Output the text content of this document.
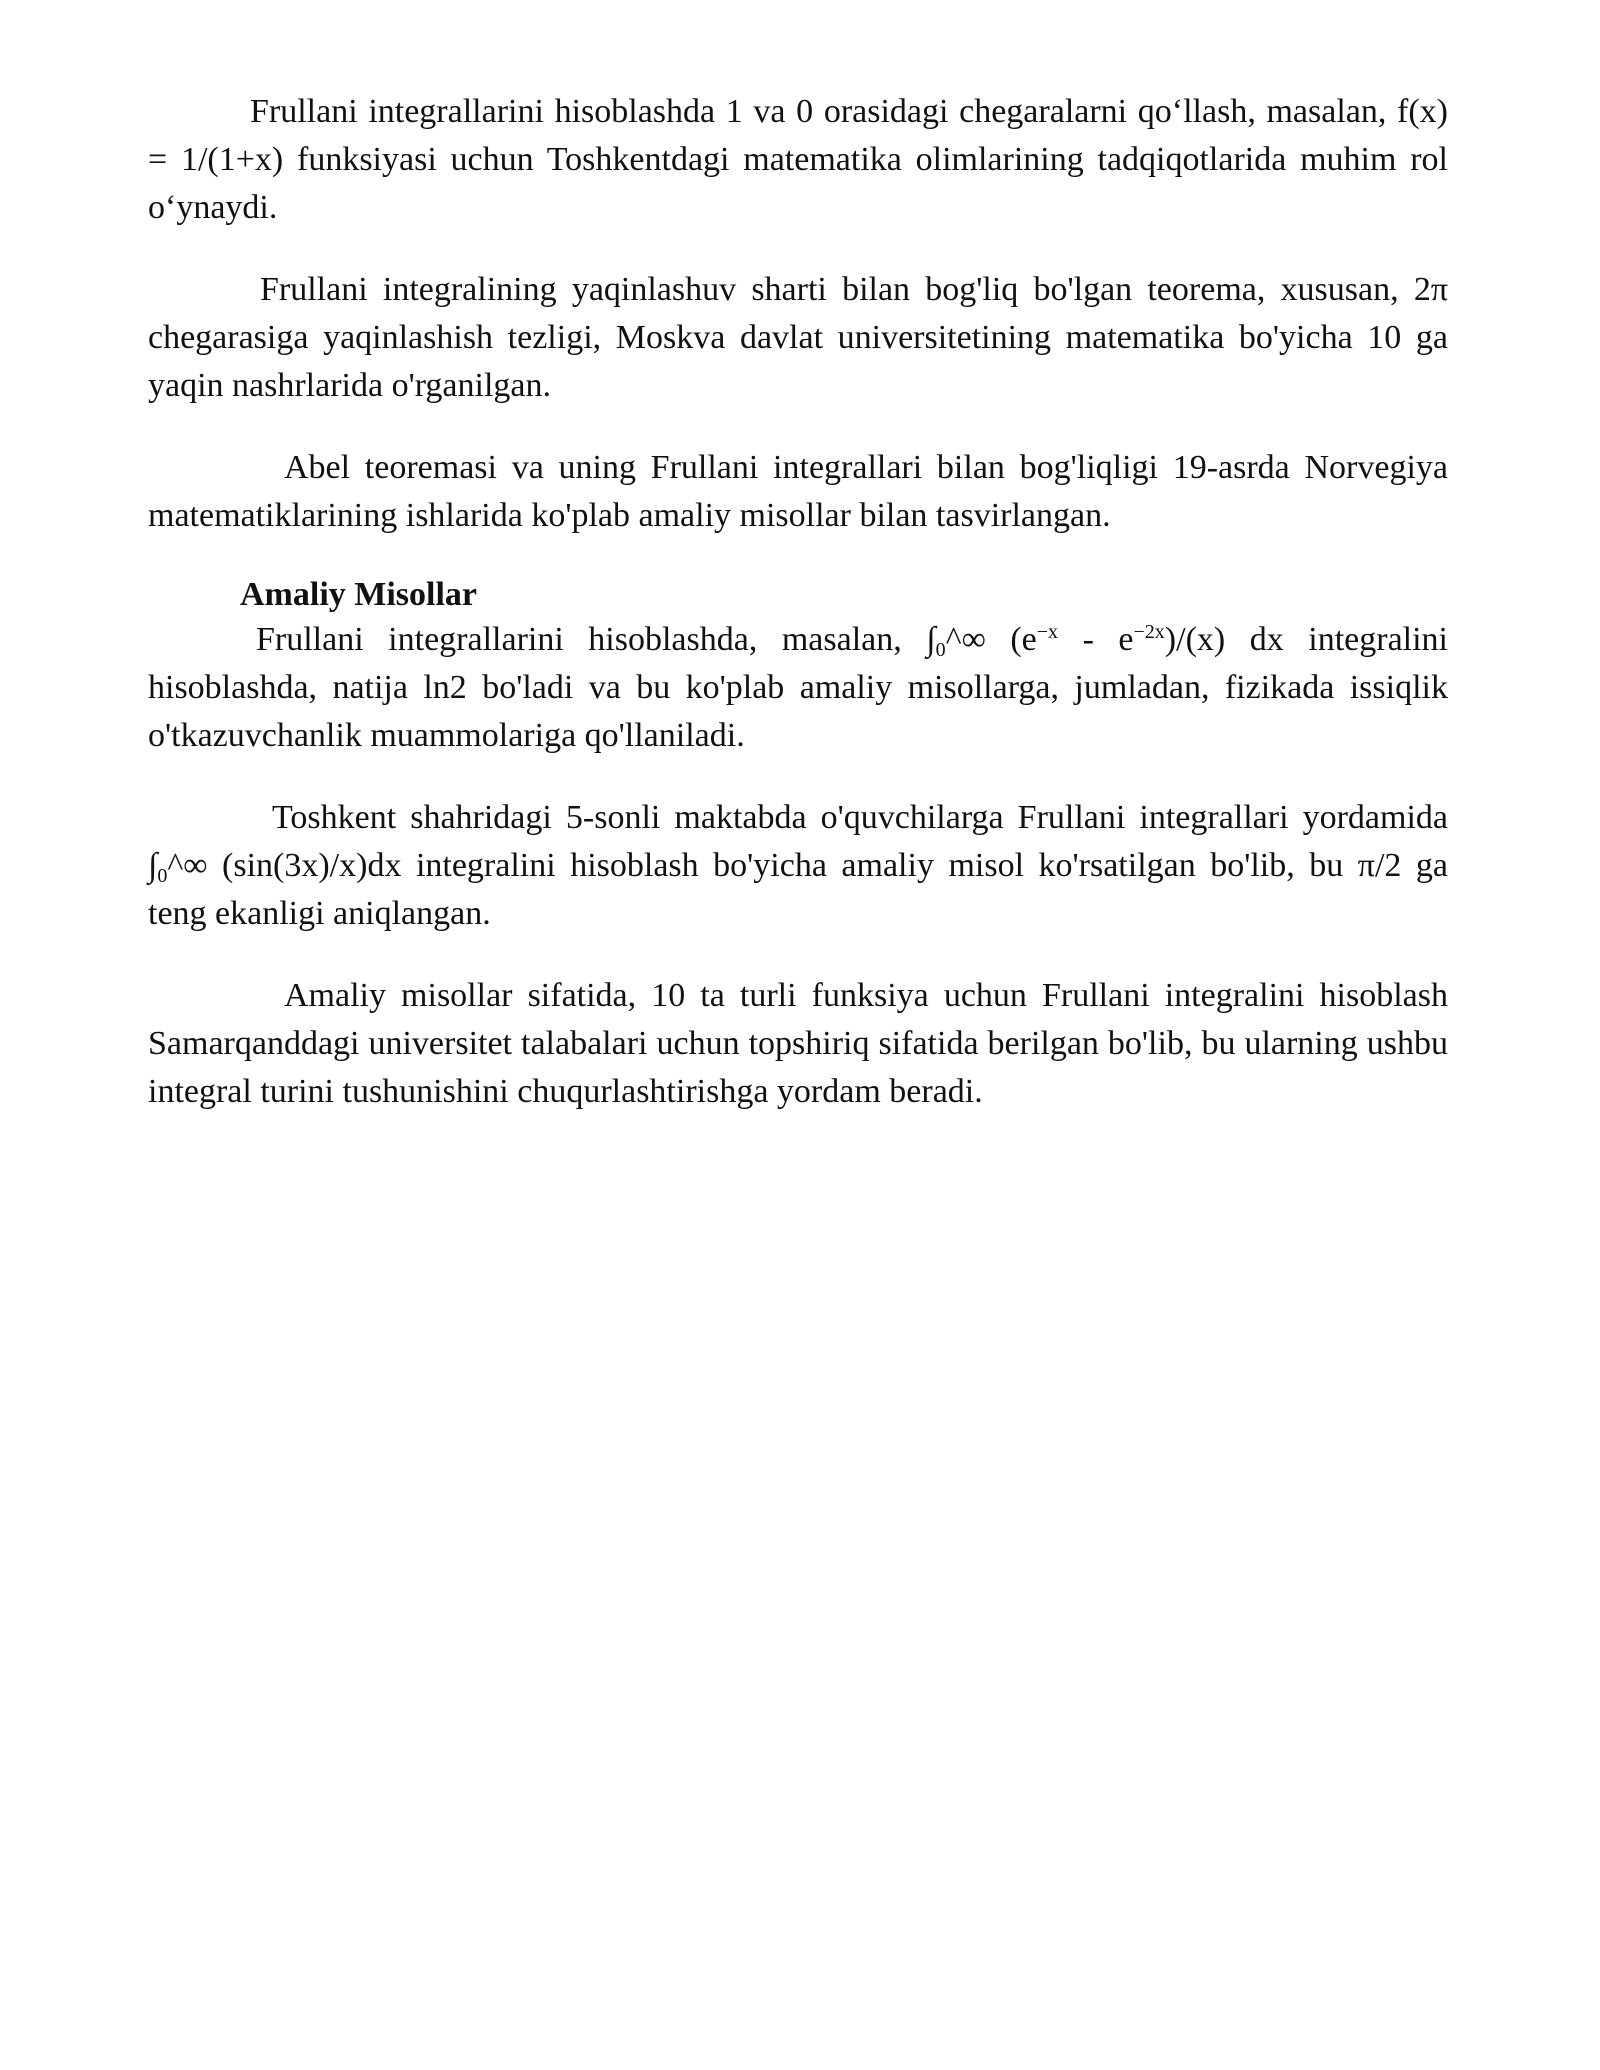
Frullani integrallarini hisoblashda 1 va 0 orasidagi chegaralarni qo‘llash, masalan, f(x) = 1/(1+x) funksiyasi uchun Toshkentdagi matematika olimlarining tadqiqotlarida muhim rol o‘ynaydi.

Frullani integralining yaqinlashuv sharti bilan bog'liq bo'lgan teorema, xususan, 2π chegarasiga yaqinlashish tezligi, Moskva davlat universitetining matematika bo'yicha 10 ga yaqin nashrlarida o'rganilgan.

Abel teoremasi va uning Frullani integrallari bilan bog'liqligi 19-asrda Norvegiya matematiklarining ishlarida ko'plab amaliy misollar bilan tasvirlangan.

Amaliy Misollar

Frullani integrallarini hisoblashda, masalan, $\int_0\^{}\infty$ $(e^{-x} - e^{-2x})/(x)$ dx integralini hisoblashda, natija ln2 bo'ladi va bu ko'plab amaliy misollarga, jumladan, fizikada issiqlik o'tkazuvchanlik muammolariga qo'llaniladi.

Toshkent shahridagi 5-sonli maktabda o'quvchilarga Frullani integrallari yordamida $\int_0\^{}\infty$ (sin(3x)/x)dx integralini hisoblash bo'yicha amaliy misol ko'rsatilgan bo'lib, bu π/2 ga teng ekanligi aniqlangan.

Amaliy misollar sifatida, 10 ta turli funksiya uchun Frullani integralini hisoblash Samarqanddagi universitet talabalari uchun topshiriq sifatida berilgan bo'lib, bu ularning ushbu integral turini tushunishini chuqurlashtirishga yordam beradi.
